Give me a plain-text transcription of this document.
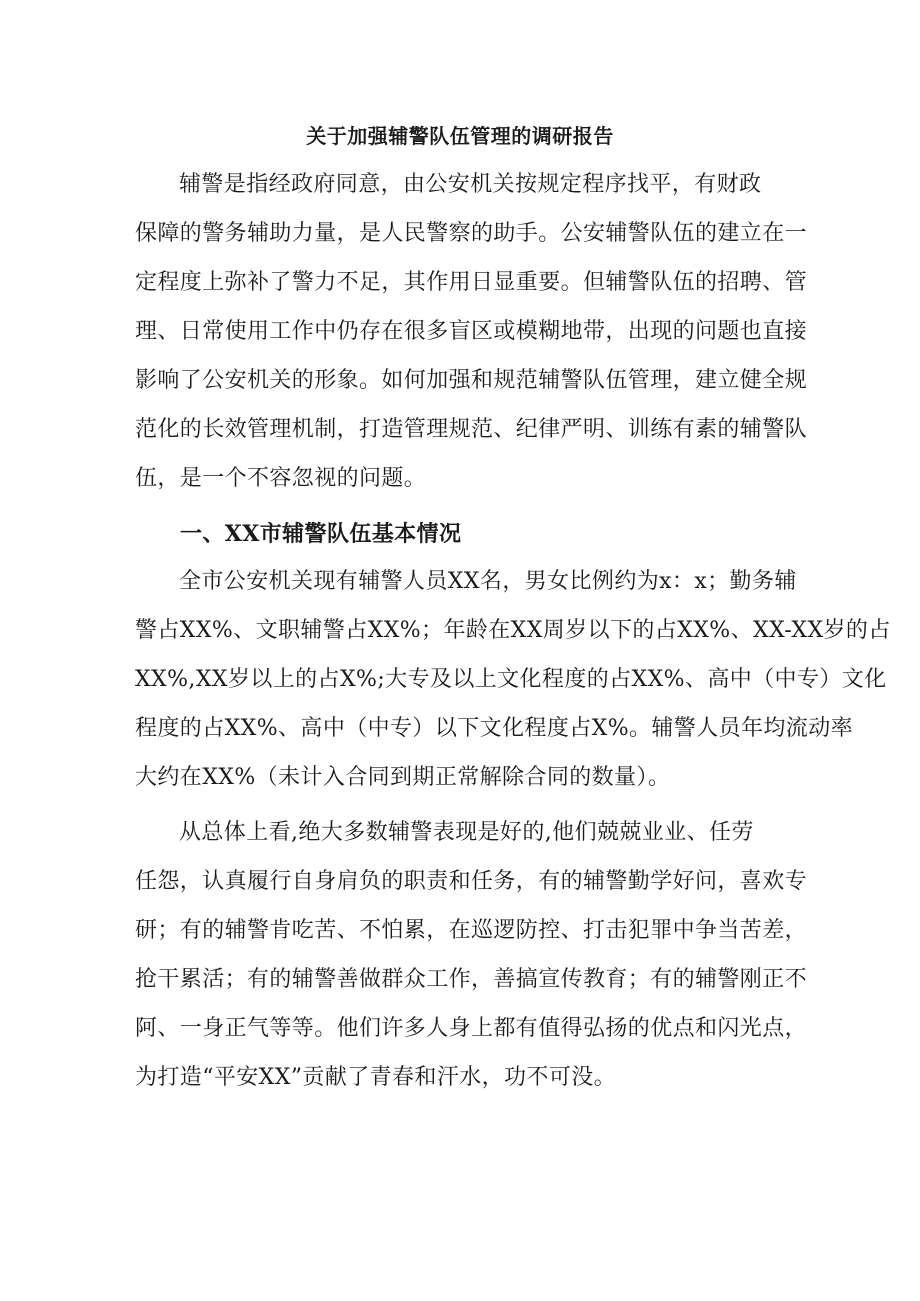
关于加强辅警队伍管理的调研报告
辅警是指经政府同意，由公安机关按规定程序找平，有财政
保障的警务辅助力量，是人民警察的助手。公安辅警队伍的建立在一
定程度上弥补了警力不足，其作用日显重要。但辅警队伍的招聘、管
理、日常使用工作中仍存在很多盲区或模糊地带，出现的问题也直接
影响了公安机关的形象。如何加强和规范辅警队伍管理，建立健全规
范化的长效管理机制，打造管理规范、纪律严明、训练有素的辅警队
伍，是一个不容忽视的问题。
一、XX市辅警队伍基本情况
全市公安机关现有辅警人员XX名，男女比例约为x：x；勤务辅
警占XX%、文职辅警占XX%；年龄在XX周岁以下的占XX%、XX-XX岁的占
XX%,XX岁以上的占X%;大专及以上文化程度的占XX%、高中（中专）文化
程度的占XX%、高中（中专）以下文化程度占X%。辅警人员年均流动率
大约在XX%（未计入合同到期正常解除合同的数量）。
从总体上看,绝大多数辅警表现是好的,他们兢兢业业、任劳
任怨，认真履行自身肩负的职责和任务，有的辅警勤学好问，喜欢专
研；有的辅警肯吃苦、不怕累，在巡逻防控、打击犯罪中争当苦差，
抢干累活；有的辅警善做群众工作，善搞宣传教育；有的辅警刚正不
阿、一身正气等等。他们许多人身上都有值得弘扬的优点和闪光点，
为打造“平安XX”贡献了青春和汗水，功不可没。
